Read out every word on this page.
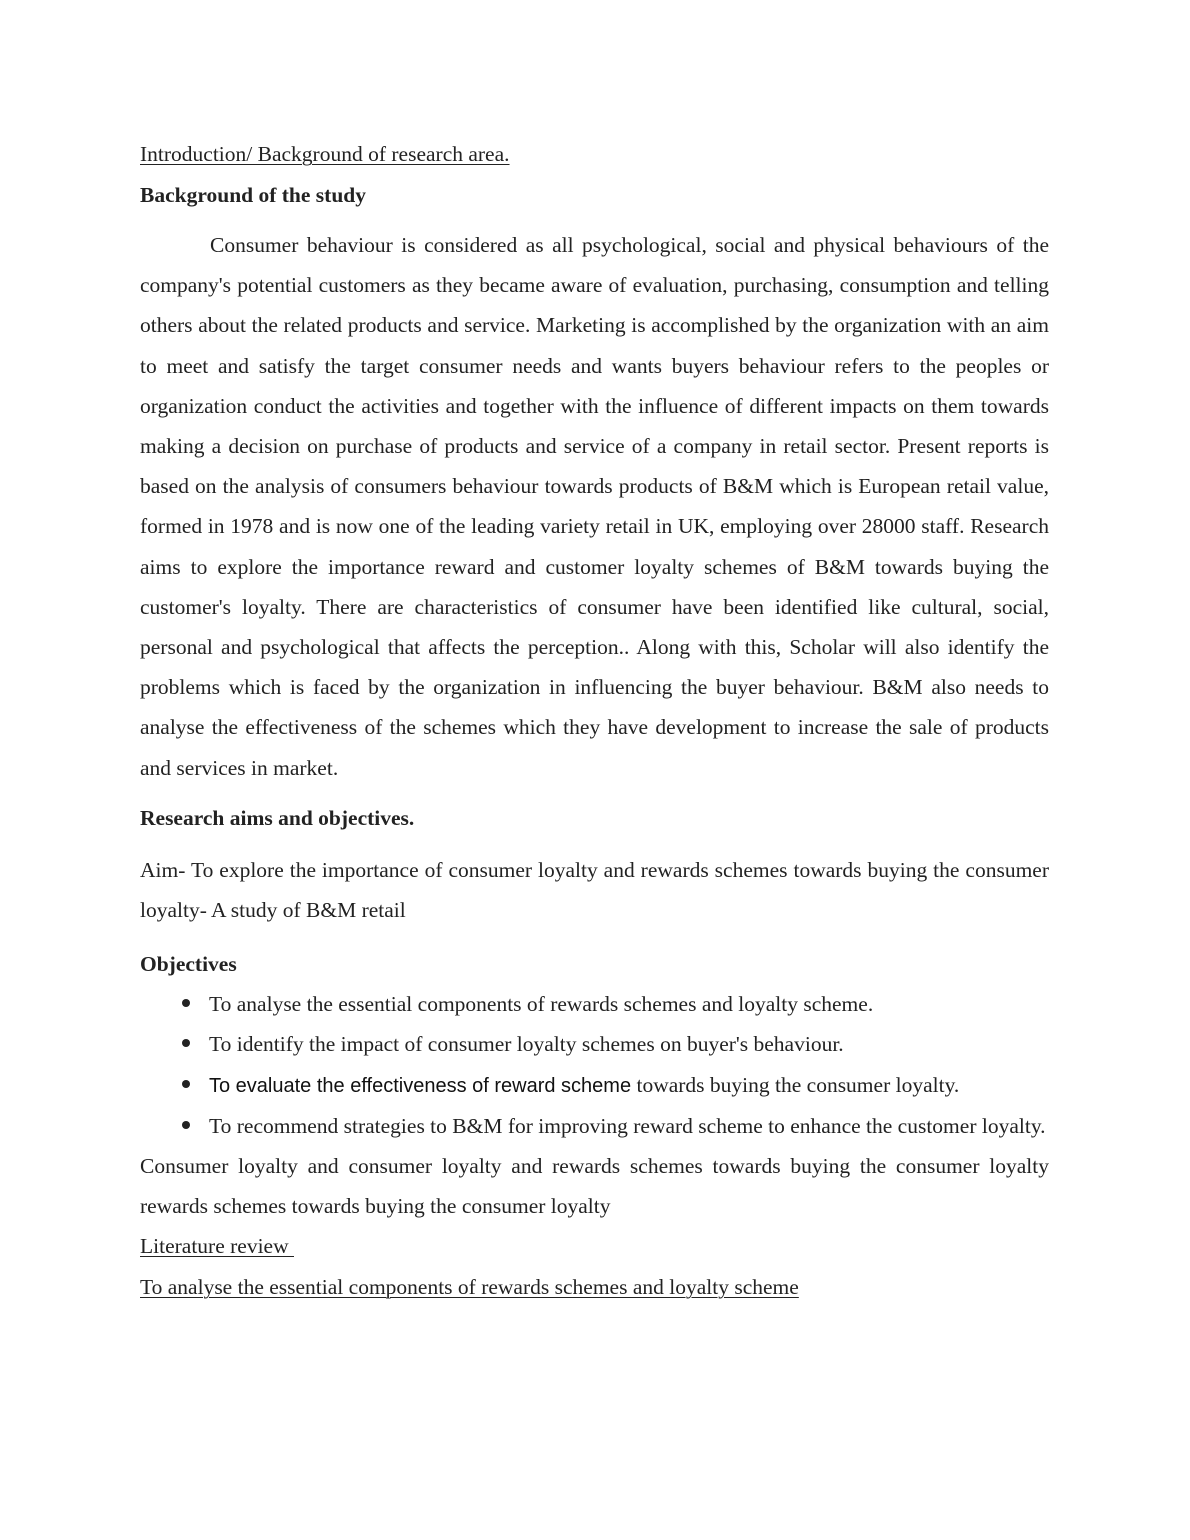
Introduction/ Background of research area.

Background of the study

Consumer behaviour is considered as all psychological, social and physical behaviours of the company's potential customers as they became aware of evaluation, purchasing, consumption and telling others about the related products and service. Marketing is accomplished by the organization with an aim to meet and satisfy the target consumer needs and wants buyers behaviour refers to the peoples or organization conduct the activities and together with the influence of different impacts on them towards making a decision on purchase of products and service of a company in retail sector. Present reports is based on the analysis of consumers behaviour towards products of B&M which is European retail value, formed in 1978 and is now one of the leading variety retail in UK, employing over 28000 staff. Research aims to explore the importance reward and customer loyalty schemes of B&M towards buying the customer's loyalty. There are characteristics of consumer have been identified like cultural, social, personal and psychological that affects the perception.. Along with this, Scholar will also identify the problems which is faced by the organization in influencing the buyer behaviour. B&M also needs to analyse the effectiveness of the schemes which they have development to increase the sale of products and services in market.

Research aims and objectives.

Aim- To explore the importance of consumer loyalty and rewards schemes towards buying the consumer loyalty- A study of B&M retail

Objectives

To analyse the essential components of rewards schemes and loyalty scheme.
To identify the impact of consumer loyalty schemes on buyer's behaviour.
To evaluate the effectiveness of reward scheme towards buying the consumer loyalty.
To recommend strategies to B&M for improving reward scheme to enhance the customer loyalty.

Consumer loyalty and consumer loyalty and rewards schemes towards buying the consumer loyalty rewards schemes towards buying the consumer loyalty

Literature review

To analyse the essential components of rewards schemes and loyalty scheme
